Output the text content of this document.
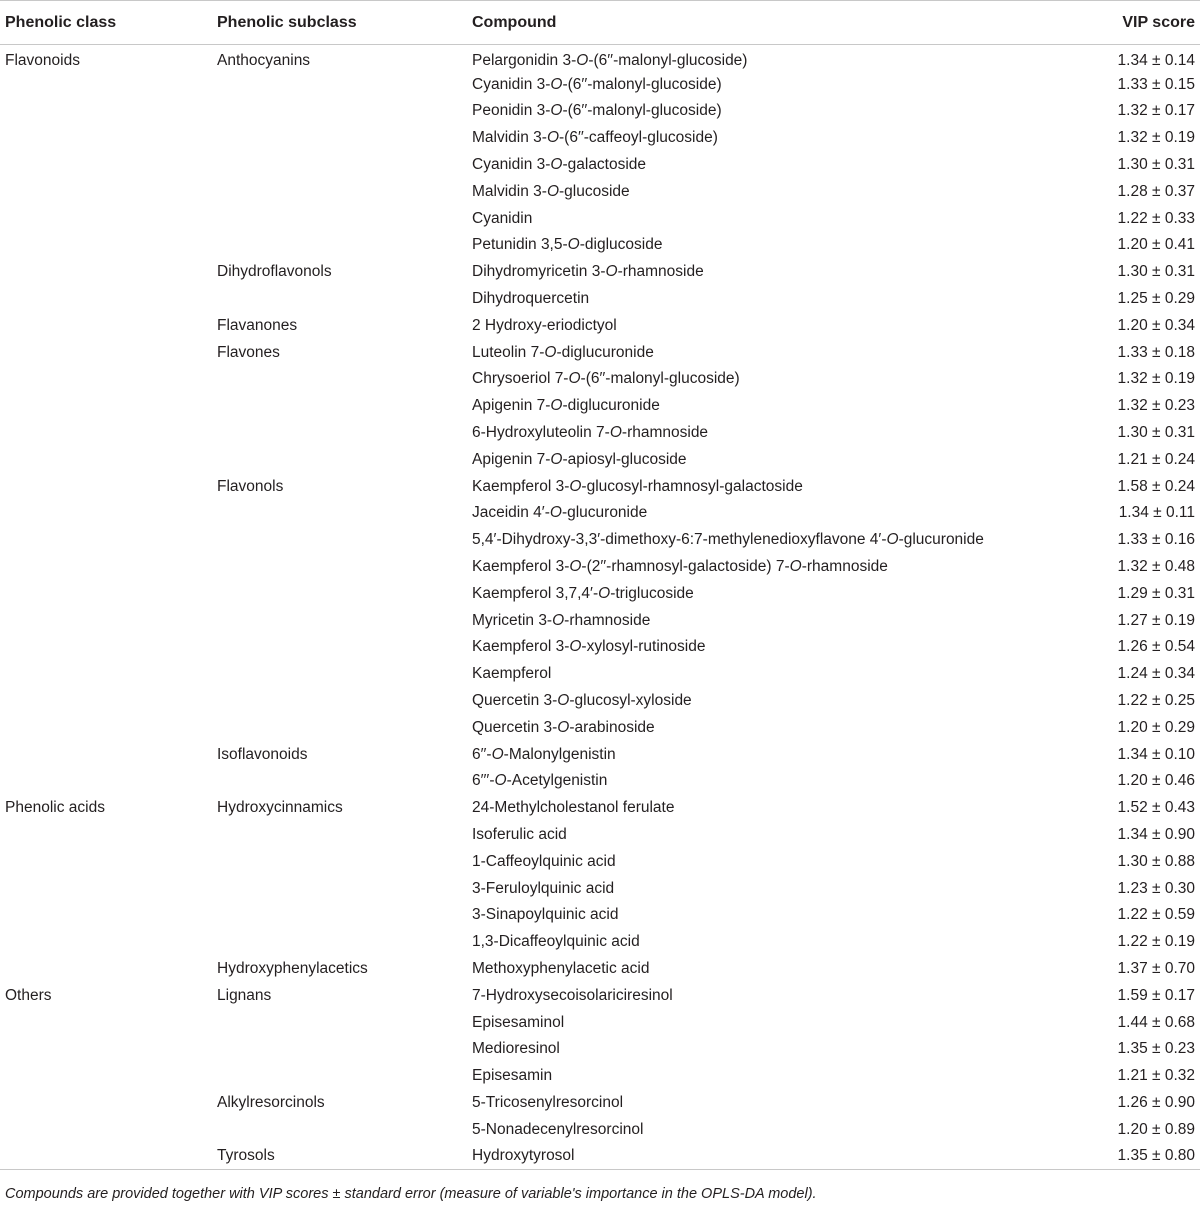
Phenolic class	Phenolic subclass	Compound	VIP score
Flavonoids	Anthocyanins	Pelargonidin 3-O-(6′′-malonyl-glucoside)	1.34 ± 0.14
		Cyanidin 3-O-(6′′-malonyl-glucoside)	1.33 ± 0.15
		Peonidin 3-O-(6′′-malonyl-glucoside)	1.32 ± 0.17
		Malvidin 3-O-(6′′-caffeoyl-glucoside)	1.32 ± 0.19
		Cyanidin 3-O-galactoside	1.30 ± 0.31
		Malvidin 3-O-glucoside	1.28 ± 0.37
		Cyanidin	1.22 ± 0.33
		Petunidin 3,5-O-diglucoside	1.20 ± 0.41
	Dihydroflavonols	Dihydromyricetin 3-O-rhamnoside	1.30 ± 0.31
		Dihydroquercetin	1.25 ± 0.29
	Flavanones	2 Hydroxy-eriodictyol	1.20 ± 0.34
	Flavones	Luteolin 7-O-diglucuronide	1.33 ± 0.18
		Chrysoeriol 7-O-(6′′-malonyl-glucoside)	1.32 ± 0.19
		Apigenin 7-O-diglucuronide	1.32 ± 0.23
		6-Hydroxyluteolin 7-O-rhamnoside	1.30 ± 0.31
		Apigenin 7-O-apiosyl-glucoside	1.21 ± 0.24
	Flavonols	Kaempferol 3-O-glucosyl-rhamnosyl-galactoside	1.58 ± 0.24
		Jaceidin 4′-O-glucuronide	1.34 ± 0.11
		5,4′-Dihydroxy-3,3′-dimethoxy-6:7-methylenedioxyflavone 4′-O-glucuronide	1.33 ± 0.16
		Kaempferol 3-O-(2′′-rhamnosyl-galactoside) 7-O-rhamnoside	1.32 ± 0.48
		Kaempferol 3,7,4′-O-triglucoside	1.29 ± 0.31
		Myricetin 3-O-rhamnoside	1.27 ± 0.19
		Kaempferol 3-O-xylosyl-rutinoside	1.26 ± 0.54
		Kaempferol	1.24 ± 0.34
		Quercetin 3-O-glucosyl-xyloside	1.22 ± 0.25
		Quercetin 3-O-arabinoside	1.20 ± 0.29
	Isoflavonoids	6′′-O-Malonylgenistin	1.34 ± 0.10
		6′′′-O-Acetylgenistin	1.20 ± 0.46
Phenolic acids	Hydroxycinnamics	24-Methylcholestanol ferulate	1.52 ± 0.43
		Isoferulic acid	1.34 ± 0.90
		1-Caffeoylquinic acid	1.30 ± 0.88
		3-Feruloylquinic acid	1.23 ± 0.30
		3-Sinapoylquinic acid	1.22 ± 0.59
		1,3-Dicaffeoylquinic acid	1.22 ± 0.19
	Hydroxyphenylacetics	Methoxyphenylacetic acid	1.37 ± 0.70
Others	Lignans	7-Hydroxysecoisolariciresinol	1.59 ± 0.17
		Episesaminol	1.44 ± 0.68
		Medioresinol	1.35 ± 0.23
		Episesamin	1.21 ± 0.32
	Alkylresorcinols	5-Tricosenylresorcinol	1.26 ± 0.90
		5-Nonadecenylresorcinol	1.20 ± 0.89
	Tyrosols	Hydroxytyrosol	1.35 ± 0.80
Compounds are provided together with VIP scores ± standard error (measure of variable's importance in the OPLS-DA model).
